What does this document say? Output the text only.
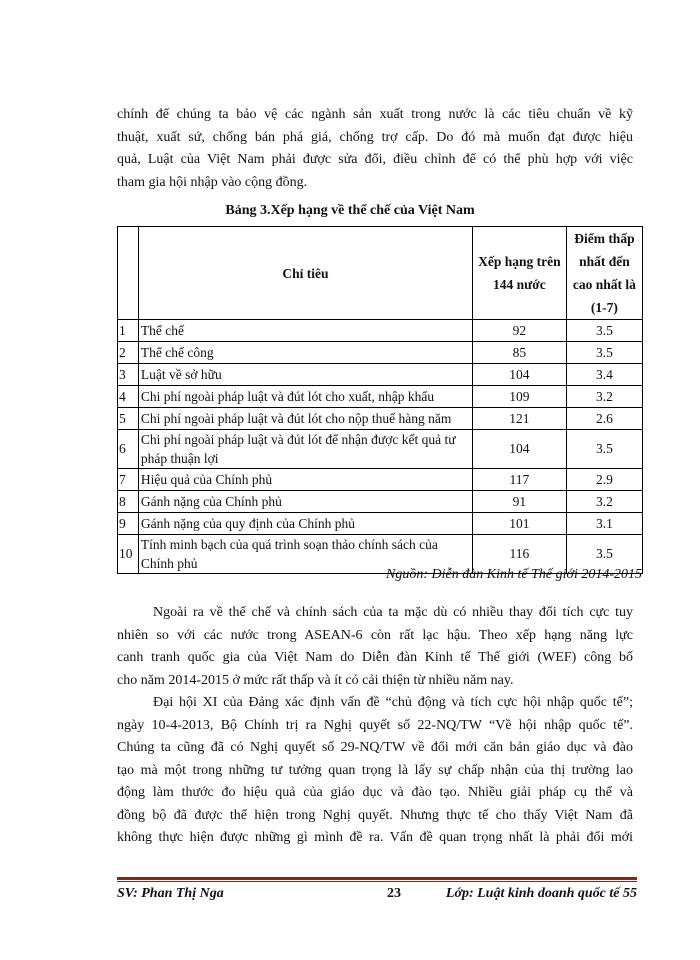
chính để chúng ta bảo vệ các ngành sản xuất trong nước là các tiêu chuẩn về kỹ
thuật, xuất sứ, chống bán phá giá, chống trợ cấp. Do đó mà muốn đạt được hiệu
quả, Luật của Việt Nam phải được sửa đổi, điều chỉnh để có thể phù hợp với việc
tham gia hội nhập vào cộng đồng.

Bảng 3.Xếp hạng về thể chế của Việt Nam
	Chỉ tiêu	Xếp hạng trên 144 nước	Điểm thấp nhất đến cao nhất là (1-7)
1	Thể chế	92	3.5
2	Thể chế công	85	3.5
3	Luật về sở hữu	104	3.4
4	Chi phí ngoài pháp luật và đút lót cho xuất, nhập khẩu	109	3.2
5	Chi phí ngoài pháp luật và đút lót cho nộp thuế hàng năm	121	2.6
6	Chi phí ngoài pháp luật và đút lót để nhận được kết quả tư pháp thuận lợi	104	3.5
7	Hiệu quả của Chính phủ	117	2.9
8	Gánh nặng của Chính phủ	91	3.2
9	Gánh nặng của quy định của Chính phủ	101	3.1
10	Tính minh bạch của quá trình soạn thảo chính sách của Chính phủ	116	3.5
Nguồn: Diễn đàn Kinh tế Thế giới 2014-2015

Ngoài ra về thể chế và chính sách của ta mặc dù có nhiều thay đổi tích cực tuy
nhiên so với các nước trong ASEAN-6 còn rất lạc hậu. Theo xếp hạng năng lực
canh tranh quốc gia của Việt Nam do Diễn đàn Kinh tế Thế giới (WEF) công bố
cho năm 2014-2015 ở mức rất thấp và ít có cải thiện từ nhiều năm nay.

Đại hội XI của Đảng xác định vấn đề “chủ động và tích cực hội nhập quốc tế”;
ngày 10-4-2013, Bộ Chính trị ra Nghị quyết số 22-NQ/TW “Về hội nhập quốc tế”.
Chúng ta cũng đã có Nghị quyết số 29-NQ/TW về đổi mới căn bản giáo dục và đào
tạo mà một trong những tư tưởng quan trọng là lấy sự chấp nhận của thị trường lao
động làm thước đo hiệu quả của giáo dục và đào tạo. Nhiều giải pháp cụ thể và
đồng bộ đã được thể hiện trong Nghị quyết. Nhưng thực tế cho thấy Việt Nam đã
không thực hiện được những gì mình đề ra. Vấn đề quan trọng nhất là phải đổi mới

SV: Phan Thị Nga	23	Lớp: Luật kinh doanh quốc tế 55
